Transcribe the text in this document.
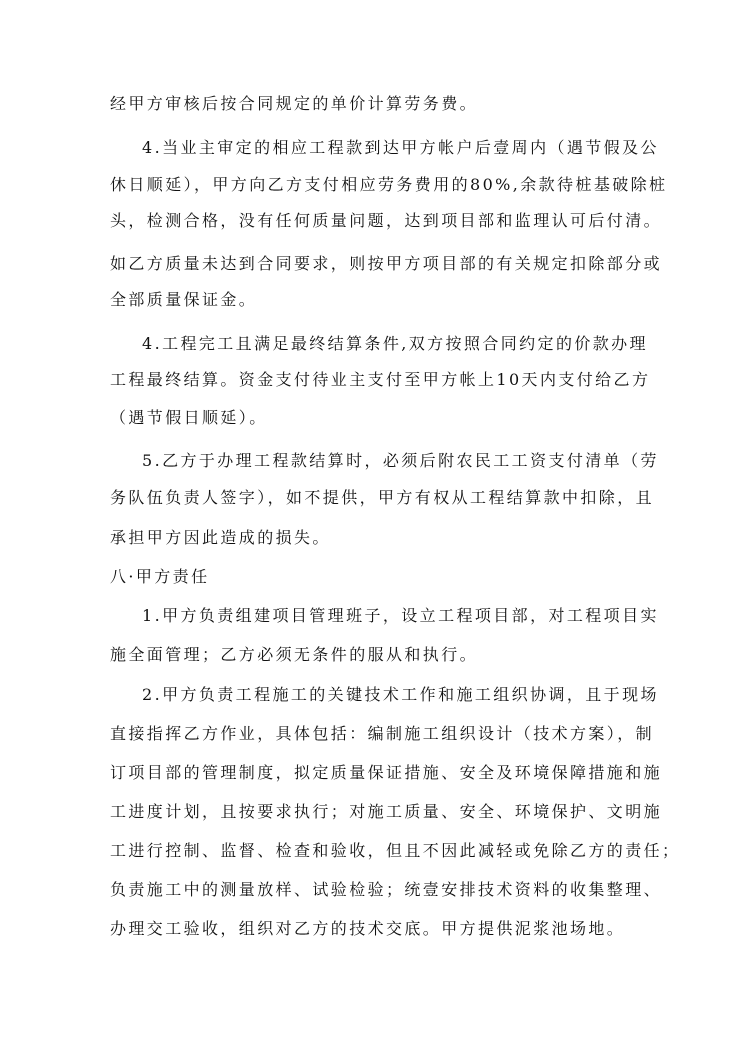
经甲方审核后按合同规定的单价计算劳务费。
4.当业主审定的相应工程款到达甲方帐户后壹周内（遇节假及公
休日顺延），甲方向乙方支付相应劳务费用的80%,余款待桩基破除桩
头，检测合格，没有任何质量问题，达到项目部和监理认可后付清。
如乙方质量未达到合同要求，则按甲方项目部的有关规定扣除部分或
全部质量保证金。
4.工程完工且满足最终结算条件,双方按照合同约定的价款办理
工程最终结算。资金支付待业主支付至甲方帐上10天内支付给乙方
（遇节假日顺延）。
5.乙方于办理工程款结算时，必须后附农民工工资支付清单（劳
务队伍负责人签字），如不提供，甲方有权从工程结算款中扣除，且
承担甲方因此造成的损失。
八·甲方责任
1.甲方负责组建项目管理班子，设立工程项目部，对工程项目实
施全面管理；乙方必须无条件的服从和执行。
2.甲方负责工程施工的关键技术工作和施工组织协调，且于现场
直接指挥乙方作业，具体包括：编制施工组织设计（技术方案），制
订项目部的管理制度，拟定质量保证措施、安全及环境保障措施和施
工进度计划，且按要求执行；对施工质量、安全、环境保护、文明施
工进行控制、监督、检查和验收，但且不因此减轻或免除乙方的责任；
负责施工中的测量放样、试验检验；统壹安排技术资料的收集整理、
办理交工验收，组织对乙方的技术交底。甲方提供泥浆池场地。
